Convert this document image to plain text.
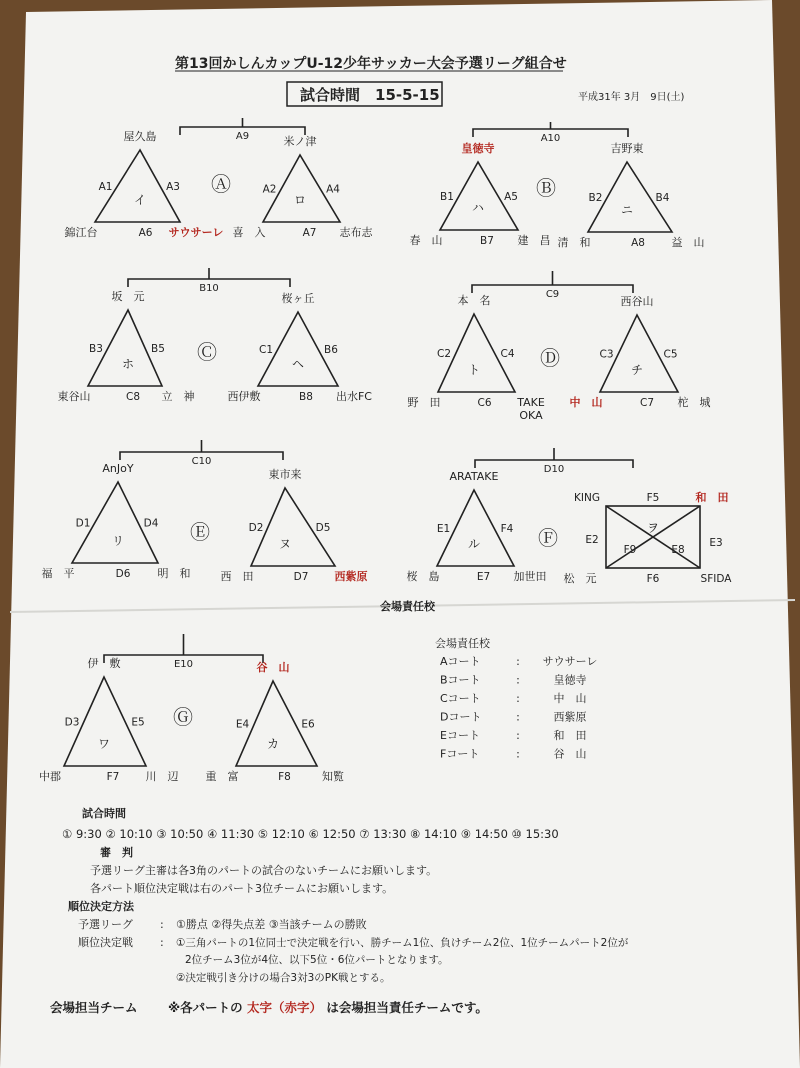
第13回かしんカップU-12少年サッカー大会予選リーグ組合せ
試合時間　15-5-15	平成31年 3月　9日(土)
A9
Ⓐ
イ
屋久島
錦江台	サウサーレ
A1	A3
A6
ロ
米ノ津
喜　入	志布志
A2	A4
A7
A10
Ⓑ
ハ
皇徳寺
春　山	建　昌
B1	A5
B7
ニ
吉野東
清　和	益　山
B2	B4
A8
B10
Ⓒ
ホ
坂　元
東谷山	立　神
B3	B5
C8
ヘ
桜ヶ丘
西伊敷	出水FC
C1	B6
B8
C9
Ⓓ
ト
本　名
野　田	TAKE
OKA
C2	C4
C6
チ
西谷山
中　山	柁　城
C3	C5
C7
C10
Ⓔ
リ
AnJoY
福　平	明　和
D1	D4
D6
ヌ
東市来
西　田	西紫原
D2	D5
D7
D10
Ⓕ
ル
ARATAKE
桜　島	加世田
E1	F4
E7
ヲ
KING	和　田
松　元	SFIDA
F5
F6
E2	E3
F9	E8
E10
Ⓖ
ワ
伊　敷
中郡	川　辺
D3	E5
F7
カ
谷　山
重　富	知覧
E4	E6
F8
会場責任校
会場責任校
Aコート	: サウサーレ
Bコート	:	皇徳寺
Cコート	:	中　山
Dコート	:	西紫原
Eコート	:	和　田
Fコート	:	谷　山
試合時間
① 9:30 ② 10:10 ③ 10:50 ④ 11:30 ⑤ 12:10 ⑥ 12:50 ⑦ 13:30 ⑧ 14:10 ⑨ 14:50 ⑩ 15:30
審　判
予選リーグ主審は各3角のパートの試合のないチームにお願いします。
各パート順位決定戦は右のパート3位チームにお願いします。
順位決定方法
予選リーグ : ①勝点 ②得失点差 ③当該チームの勝敗
順位決定戦 : ①三角パートの1位同士で決定戦を行い、勝チーム1位、負けチーム2位、1位チームパート2位が
2位チーム3位が4位、以下5位・6位パートとなります。
②決定戦引き分けの場合3対3のPK戦とする。
会場担当チーム ※各パートの 太字（赤字） は会場担当責任チームです。
